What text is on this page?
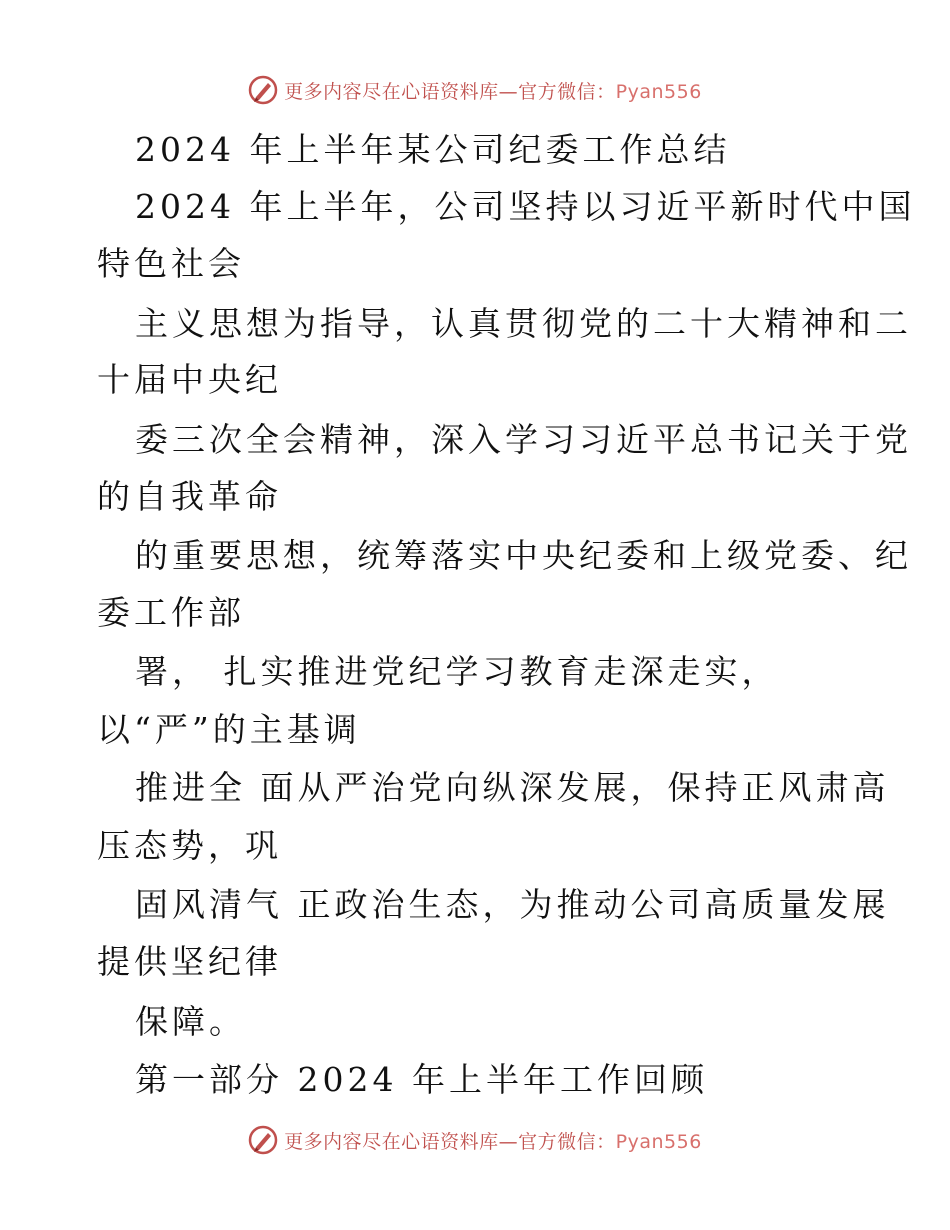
更多内容尽在心语资料库—官方微信：Pyan556
2024 年上半年某公司纪委工作总结
2024 年上半年，公司坚持以习近平新时代中国
特色社会
主义思想为指导，认真贯彻党的二十大精神和二
十届中央纪
委三次全会精神，深入学习习近平总书记关于党
的自我革命
的重要思想，统筹落实中央纪委和上级党委、纪
委工作部
署， 扎实推进党纪学习教育走深走实，
以“严”的主基调
推进全 面从严治党向纵深发展，保持正风肃高
压态势，巩
固风清气 正政治生态，为推动公司高质量发展
提供坚纪律
保障。
第一部分 2024 年上半年工作回顾
更多内容尽在心语资料库—官方微信：Pyan556
